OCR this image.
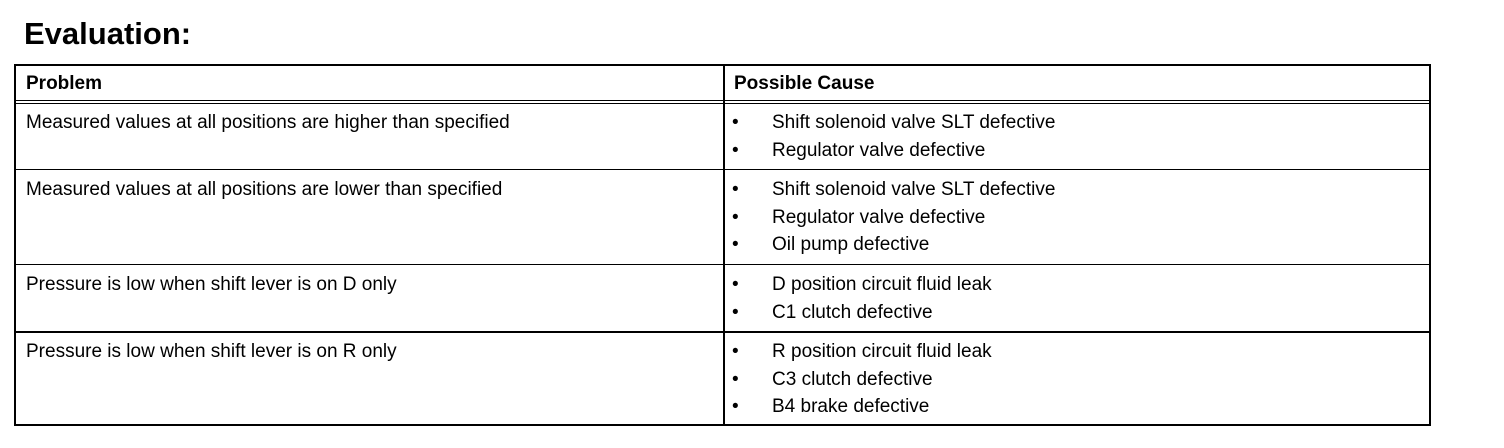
Evaluation:
Problem	Possible Cause
Measured values at all positions are higher than specified	• Shift solenoid valve SLT defective
• Regulator valve defective
Measured values at all positions are lower than specified	• Shift solenoid valve SLT defective
• Regulator valve defective
• Oil pump defective
Pressure is low when shift lever is on D only	• D position circuit fluid leak
• C1 clutch defective
Pressure is low when shift lever is on R only	• R position circuit fluid leak
• C3 clutch defective
• B4 brake defective
